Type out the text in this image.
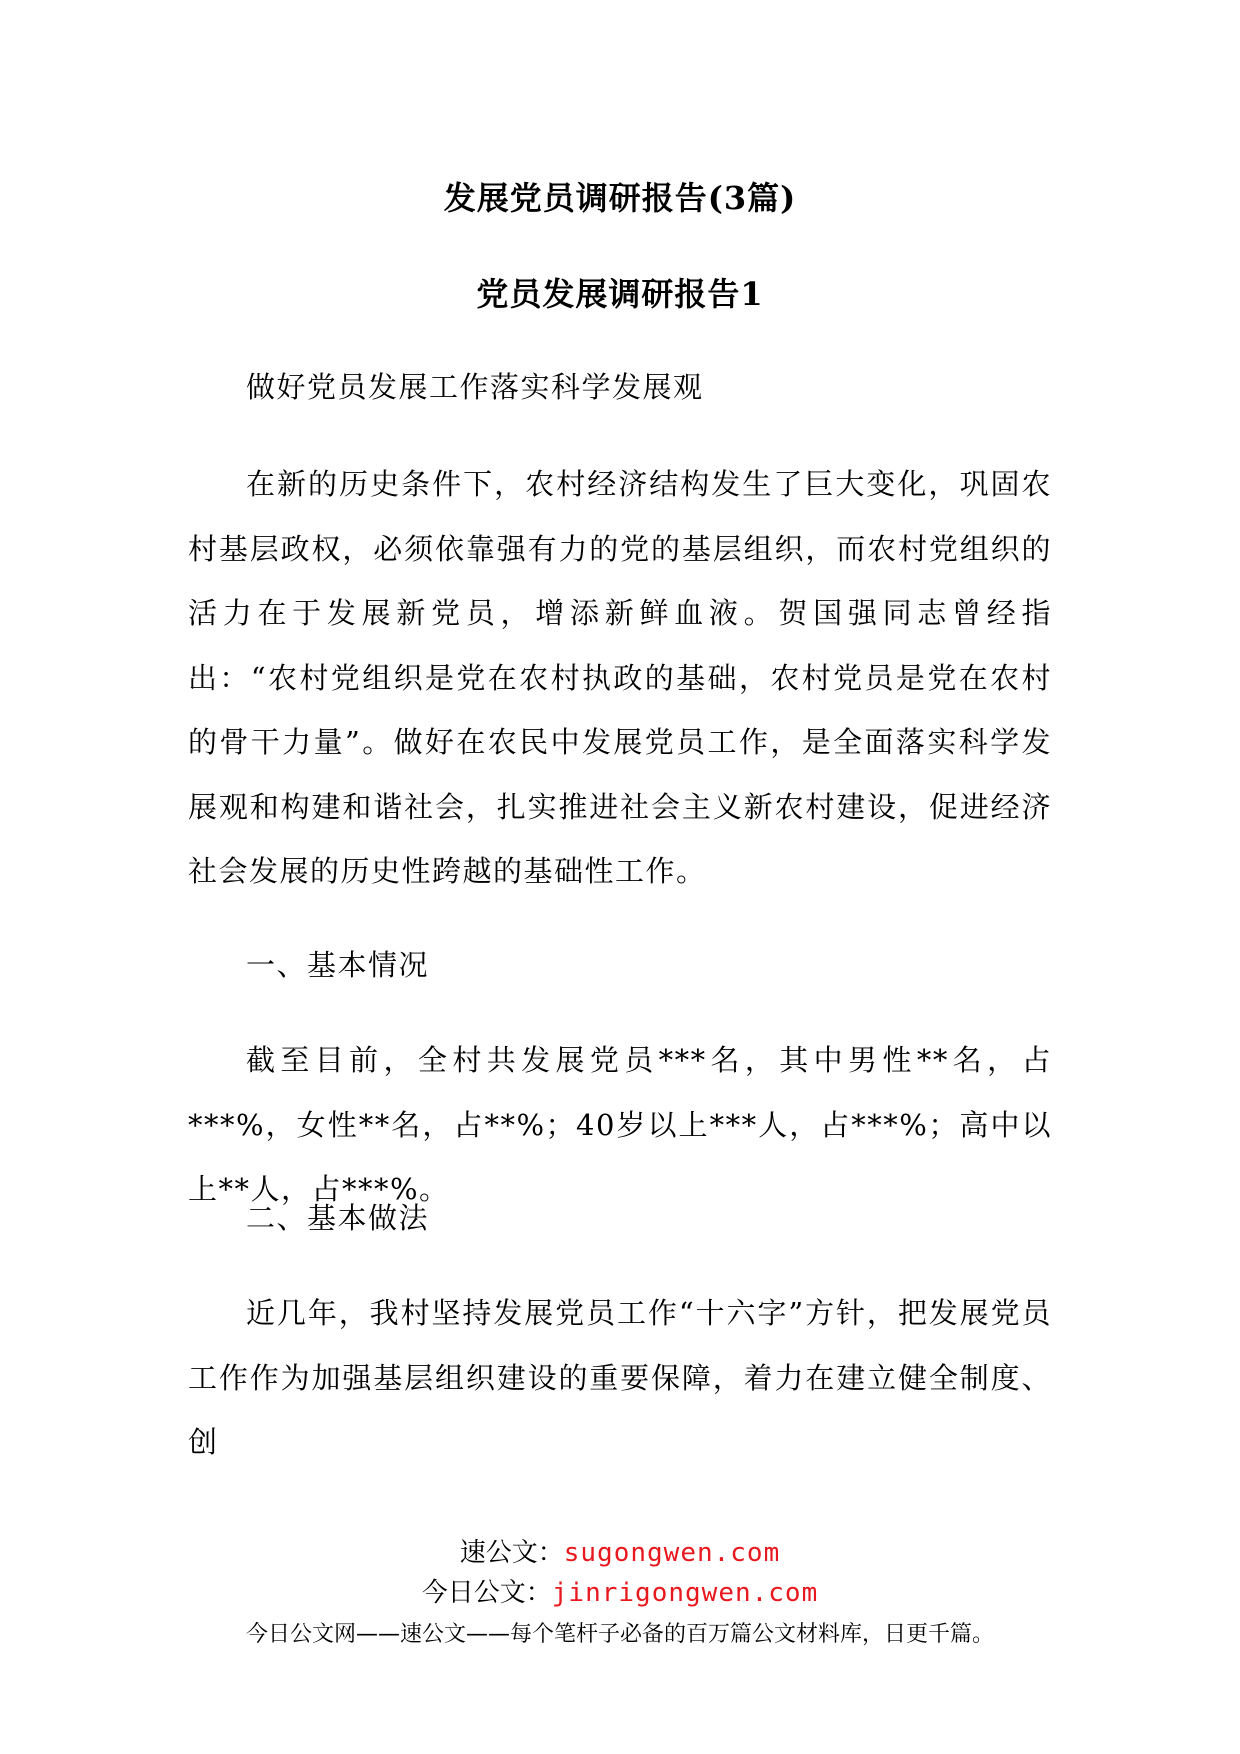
发展党员调研报告(3篇)
党员发展调研报告1
做好党员发展工作落实科学发展观
在新的历史条件下，农村经济结构发生了巨大变化，巩固农村基层政权，必须依靠强有力的党的基层组织，而农村党组织的活力在于发展新党员，增添新鲜血液。贺国强同志曾经指出：“农村党组织是党在农村执政的基础，农村党员是党在农村的骨干力量”。做好在农民中发展党员工作，是全面落实科学发展观和构建和谐社会，扎实推进社会主义新农村建设，促进经济社会发展的历史性跨越的基础性工作。
一、基本情况
截至目前，全村共发展党员***名，其中男性**名，占***%，女性**名，占**%；40岁以上***人，占***%；高中以上**人，占***%。
二、基本做法
近几年，我村坚持发展党员工作“十六字”方针，把发展党员工作作为加强基层组织建设的重要保障，着力在建立健全制度、创
速公文：sugongwen.com
今日公文：jinrigongwen.com
今日公文网——速公文——每个笔杆子必备的百万篇公文材料库，日更千篇。
